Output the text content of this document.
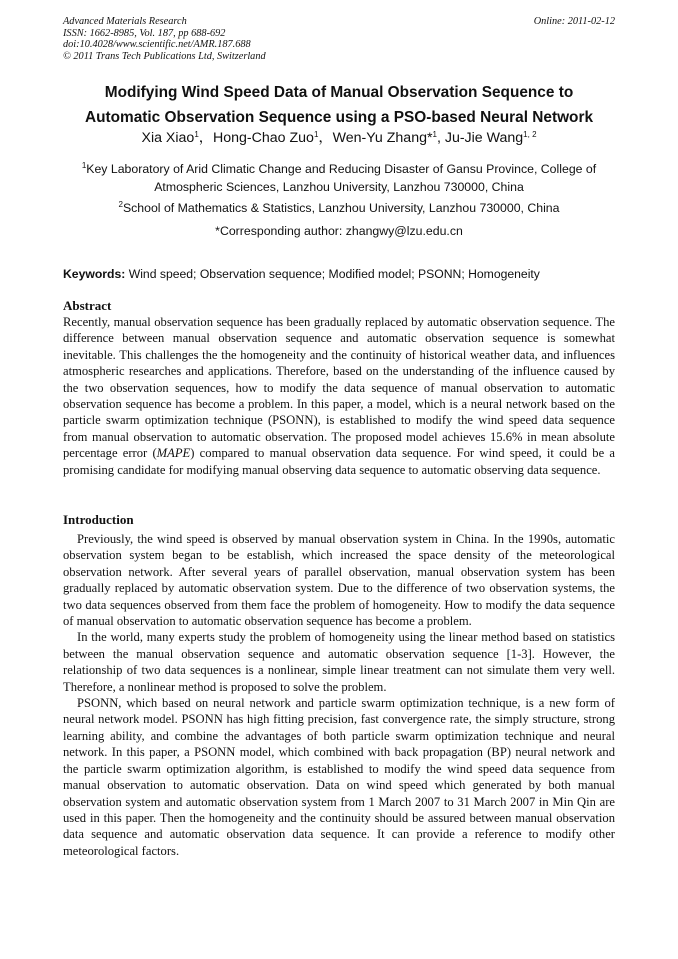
Advanced Materials Research
ISSN: 1662-8985, Vol. 187, pp 688-692
doi:10.4028/www.scientific.net/AMR.187.688
© 2011 Trans Tech Publications Ltd, Switzerland
Online: 2011-02-12
Modifying Wind Speed Data of Manual Observation Sequence to
Automatic Observation Sequence using a PSO-based Neural Network
Xia Xiao$^1$，Hong-Chao Zuo$^1$，Wen-Yu Zhang*$^1$, Ju-Jie Wang$^{1, 2}$
$^1$Key Laboratory of Arid Climatic Change and Reducing Disaster of Gansu Province, College of
Atmospheric Sciences, Lanzhou University, Lanzhou 730000, China
$^2$School of Mathematics & Statistics, Lanzhou University, Lanzhou 730000, China
*Corresponding author: zhangwy@lzu.edu.cn
Keywords: Wind speed; Observation sequence; Modified model; PSONN; Homogeneity
Abstract

Recently, manual observation sequence has been gradually replaced by automatic observation sequence. The difference between manual observation sequence and automatic observation sequence is somewhat inevitable. This challenges the the homogeneity and the continuity of historical weather data, and influences atmospheric researches and applications. Therefore, based on the understanding of the influence caused by the two observation sequences, how to modify the data sequence of manual observation to automatic observation sequence has become a problem. In this paper, a model, which is a neural network based on the particle swarm optimization technique (PSONN), is established to modify the wind speed data sequence from manual observation to automatic observation. The proposed model achieves 15.6% in mean absolute percentage error (MAPE) compared to manual observation data sequence. For wind speed, it could be a promising candidate for modifying manual observing data sequence to automatic observing data sequence.

Introduction

Previously, the wind speed is observed by manual observation system in China. In the 1990s, automatic observation system began to be establish, which increased the space density of the meteorological observation network. After several years of parallel observation, manual observation system has been gradually replaced by automatic observation system. Due to the difference of two observation systems, the two data sequences observed from them face the problem of homogeneity. How to modify the data sequence of manual observation to automatic observation sequence has become a problem.

In the world, many experts study the problem of homogeneity using the linear method based on statistics between the manual observation sequence and automatic observation sequence [1-3]. However, the relationship of two data sequences is a nonlinear, simple linear treatment can not simulate them very well. Therefore, a nonlinear method is proposed to solve the problem.

PSONN, which based on neural network and particle swarm optimization technique, is a new form of neural network model. PSONN has high fitting precision, fast convergence rate, the simply structure, strong learning ability, and combine the advantages of both particle swarm optimization technique and neural network. In this paper, a PSONN model, which combined with back propagation (BP) neural network and the particle swarm optimization algorithm, is established to modify the wind speed data sequence from manual observation to automatic observation. Data on wind speed which generated by both manual observation system and automatic observation system from 1 March 2007 to 31 March 2007 in Min Qin are used in this paper. Then the homogeneity and the continuity should be assured between manual observation data sequence and automatic observation data sequence. It can provide a reference to modify other meteorological factors.
